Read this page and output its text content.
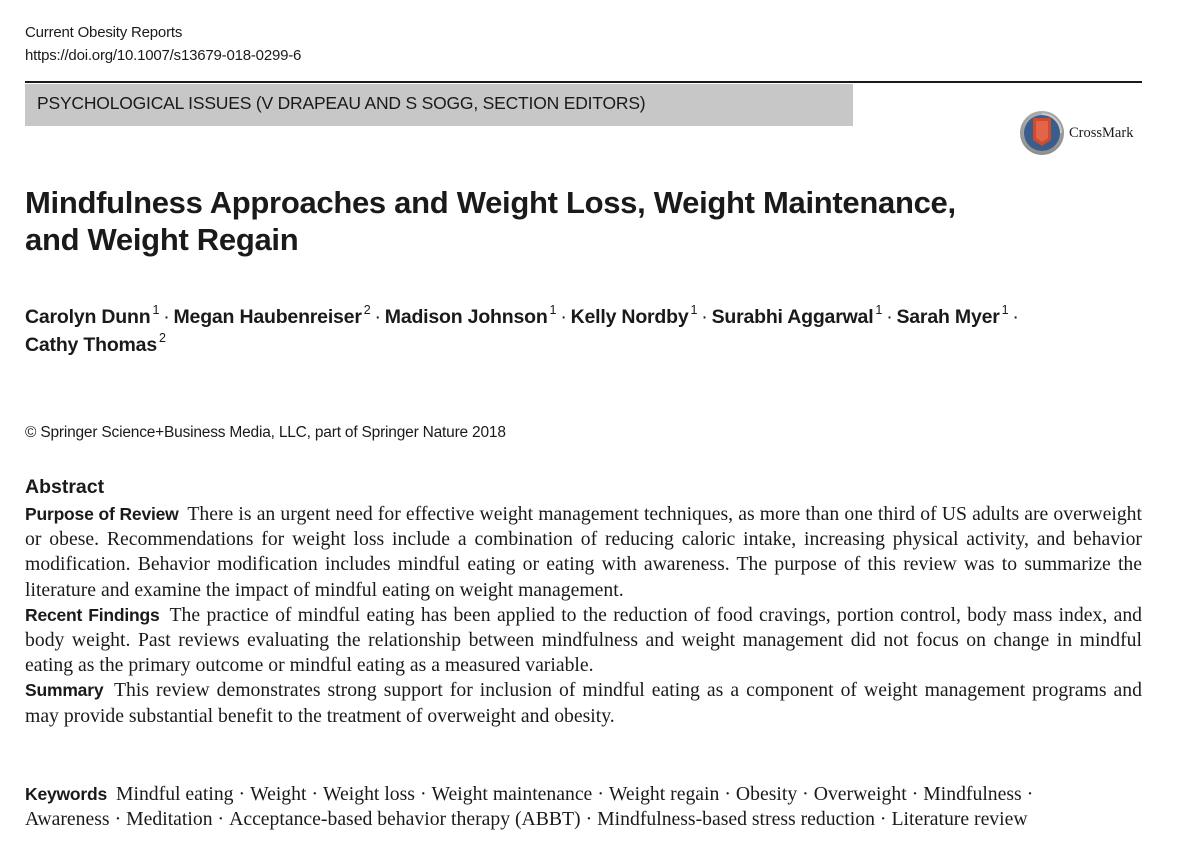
Current Obesity Reports
https://doi.org/10.1007/s13679-018-0299-6
PSYCHOLOGICAL ISSUES (V DRAPEAU AND S SOGG, SECTION EDITORS)
CrossMark
Mindfulness Approaches and Weight Loss, Weight Maintenance,
and Weight Regain
Carolyn Dunn $^1$ · Megan Haubenreiser $^2$ · Madison Johnson $^1$ · Kelly Nordby $^1$ · Surabhi Aggarwal $^1$ · Sarah Myer $^1$ ·
Cathy Thomas $^2$
© Springer Science+Business Media, LLC, part of Springer Nature 2018
Abstract

Purpose of Review There is an urgent need for effective weight management techniques, as more than one third of US adults are overweight or obese. Recommendations for weight loss include a combination of reducing caloric intake, increasing physical activity, and behavior modification. Behavior modification includes mindful eating or eating with awareness. The purpose of this review was to summarize the literature and examine the impact of mindful eating on weight management.

Recent Findings The practice of mindful eating has been applied to the reduction of food cravings, portion control, body mass index, and body weight. Past reviews evaluating the relationship between mindfulness and weight management did not focus on change in mindful eating as the primary outcome or mindful eating as a measured variable.

Summary This review demonstrates strong support for inclusion of mindful eating as a component of weight management programs and may provide substantial benefit to the treatment of overweight and obesity.

Keywords Mindful eating · Weight · Weight loss · Weight maintenance · Weight regain · Obesity · Overweight · Mindfulness ·
Awareness · Meditation · Acceptance-based behavior therapy (ABBT) · Mindfulness-based stress reduction · Literature review
